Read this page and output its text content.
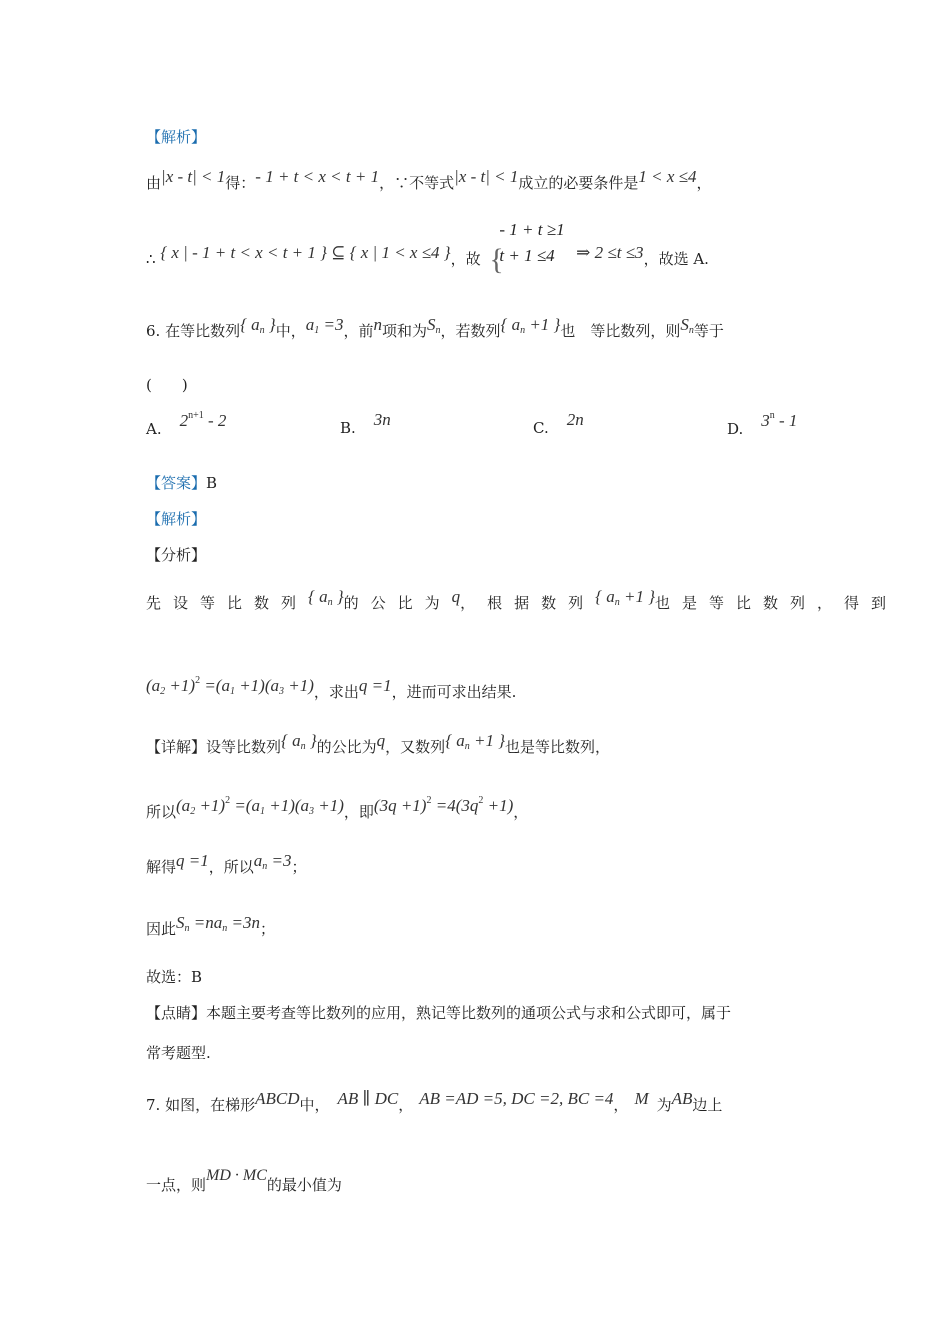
【解析】
由|x - t| < 1得：- 1 + t < x < t + 1，∵不等式|x - t| < 1成立的必要条件是1 < x ≤4，
∴ { x | - 1 + t < x < t + 1 } ⊆ { x | 1 < x ≤4 }，故 {
- 1 + t ≥1
t + 1 ≤4 ⇒ 2 ≤t ≤3，故选 A.
6. 在等比数列{ $a_n$ }中，$a_1 =3$，前n项和为$S_n$，若数列{ $a_n +1$ }也　等比数列，则$S_n$等于
(　　)
A. $2^{n+1} - 2$	B. 3n	C. 2n	D. 3$^n$ - 1
【答案】B
【解析】
【分析】
先设等比数列{ $a_n$ }的公比为q，根据数列{ $a_n +1$ }也是等比数列，得到
$(a_2 +1)^2 =(a_1 +1)(a_3 +1)$，求出q =1，进而可求出结果.
【详解】设等比数列{ $a_n$ }的公比为q，又数列{ $a_n +1$ }也是等比数列，
所以$(a_2 +1)^2 =(a_1 +1)(a_3 +1)$，即$(3q +1)^2 =4(3q^2 +1)$，
解得q =1，所以$a_n =3$；
因此$S_n =na_n =3n$；
故选：B
【点睛】本题主要考查等比数列的应用，熟记等比数列的通项公式与求和公式即可，属于
常考题型.
7. 如图，在梯形ABCD中， AB ∥ DC， AB =AD =5, DC =2, BC =4， M 为AB边上
一点，则MD · MC的最小值为
